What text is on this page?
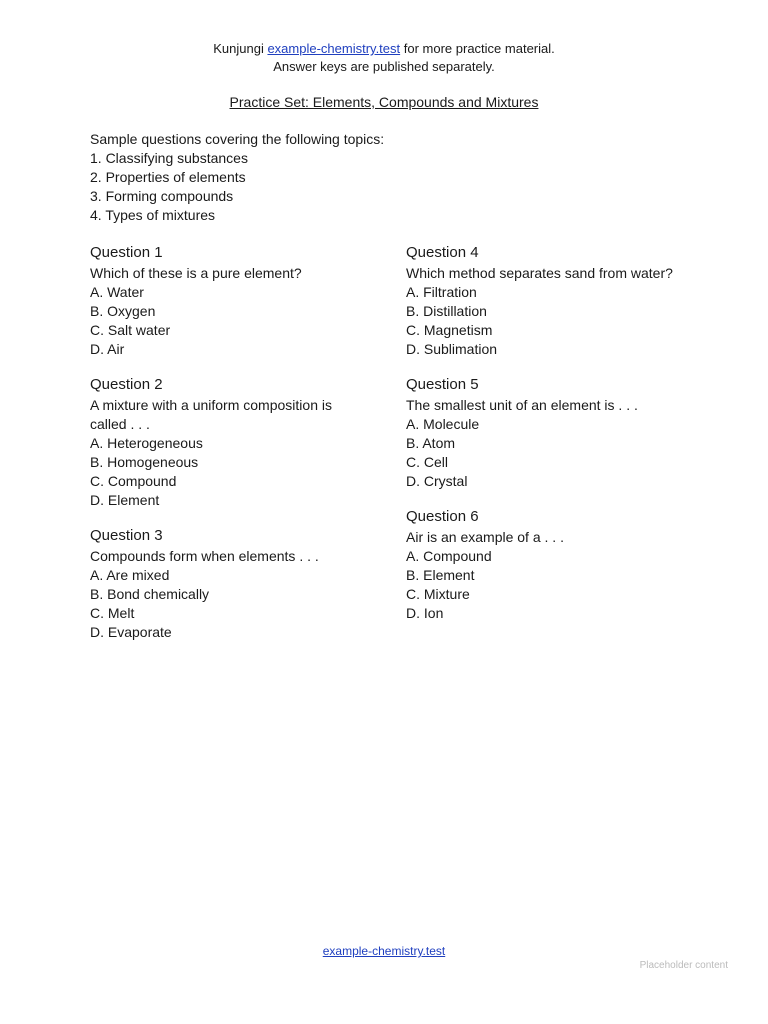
Kunjungi example-chemistry.test for more practice material.
Answer keys are published separately.
Practice Set: Elements, Compounds and Mixtures
Sample questions covering the following topics:
1. Classifying substances
2. Properties of elements
3. Forming compounds
4. Types of mixtures
Question 1
Which of these is a pure element?
A. Water
B. Oxygen
C. Salt water
D. Air
Question 2
A mixture with a uniform composition is called . . .
A. Heterogeneous
B. Homogeneous
C. Compound
D. Element
Question 3
Compounds form when elements . . .
A. Are mixed
B. Bond chemically
C. Melt
D. Evaporate
Question 4
Which method separates sand from water?
A. Filtration
B. Distillation
C. Magnetism
D. Sublimation
Question 5
The smallest unit of an element is . . .
A. Molecule
B. Atom
C. Cell
D. Crystal
Question 6
Air is an example of a . . .
A. Compound
B. Element
C. Mixture
D. Ion
example-chemistry.test
Placeholder content
